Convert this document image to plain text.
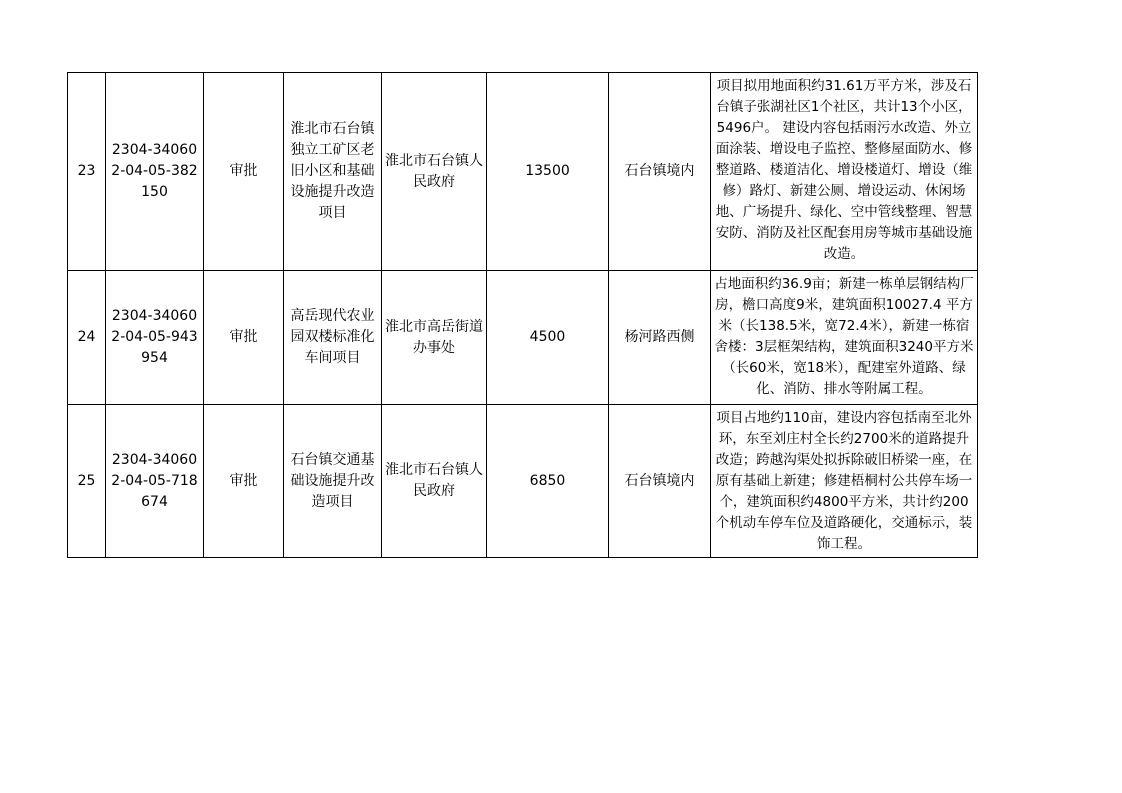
23	2304-340602-04-05-382150	审批	淮北市石台镇独立工矿区老旧小区和基础设施提升改造项目	淮北市石台镇人民政府	13500	石台镇境内	项目拟用地面积约31.61万平方米，涉及石台镇子张湖社区1个社区，共计13个小区，5496户。 建设内容包括雨污水改造、外立面涂装、增设电子监控、整修屋面防水、修整道路、楼道洁化、增设楼道灯、增设（维修）路灯、新建公厕、增设运动、休闲场地、广场提升、绿化、空中管线整理、智慧安防、消防及社区配套用房等城市基础设施改造。

24	2304-340602-04-05-943954	审批	高岳现代农业园双楼标准化车间项目	淮北市高岳街道办事处	4500	杨河路西侧	占地面积约36.9亩；新建一栋单层钢结构厂房，檐口高度9米，建筑面积10027.4 平方米（长138.5米，宽72.4米），新建一栋宿舍楼：3层框架结构，建筑面积3240平方米（长60米，宽18米），配建室外道路、绿化、消防、排水等附属工程。

25	2304-340602-04-05-718674	审批	石台镇交通基础设施提升改造项目	淮北市石台镇人民政府	6850	石台镇境内	项目占地约110亩，建设内容包括南至北外环，东至刘庄村全长约2700米的道路提升改造；跨越沟渠处拟拆除破旧桥梁一座，在原有基础上新建；修建梧桐村公共停车场一个，建筑面积约4800平方米，共计约200个机动车停车位及道路硬化，交通标示，装饰工程。
